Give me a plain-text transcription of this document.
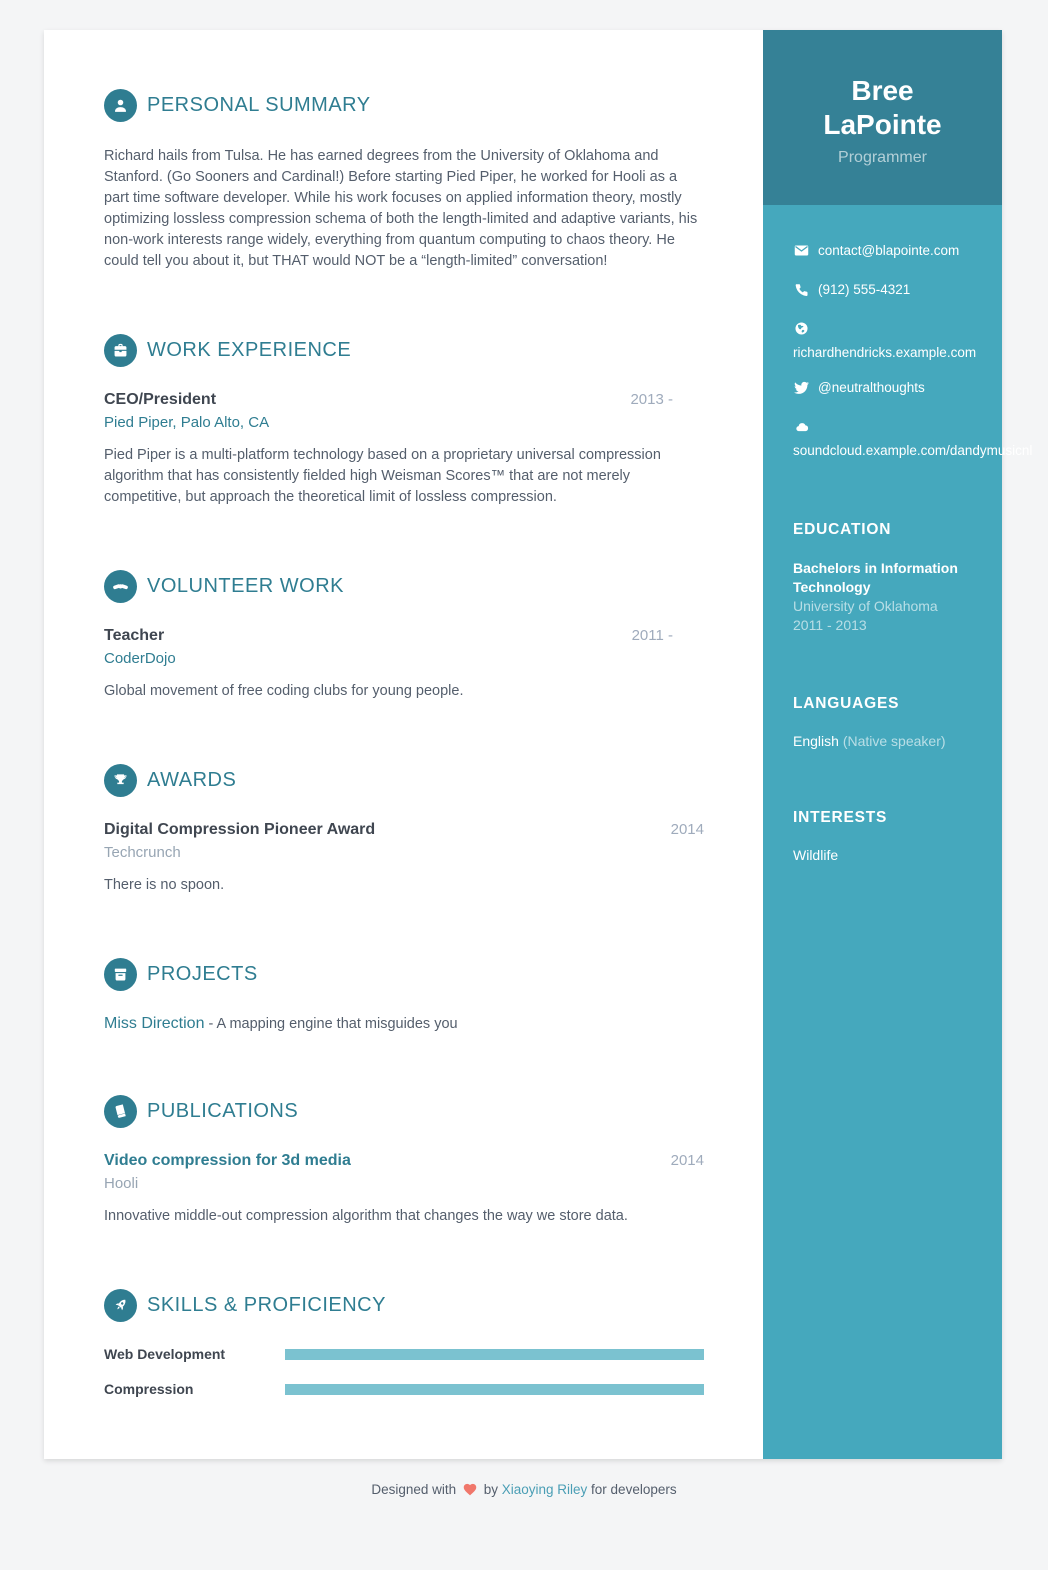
PERSONAL SUMMARY

Richard hails from Tulsa. He has earned degrees from the University of Oklahoma and Stanford. (Go Sooners and Cardinal!) Before starting Pied Piper, he worked for Hooli as a part time software developer. While his work focuses on applied information theory, mostly optimizing lossless compression schema of both the length-limited and adaptive variants, his non-work interests range widely, everything from quantum computing to chaos theory. He could tell you about it, but THAT would NOT be a “length-limited” conversation!

WORK EXPERIENCE
CEO/President	2013 -
Pied Piper, Palo Alto, CA

Pied Piper is a multi-platform technology based on a proprietary universal compression algorithm that has consistently fielded high Weisman Scores™ that are not merely competitive, but approach the theoretical limit of lossless compression.

VOLUNTEER WORK
Teacher	2011 -
CoderDojo

Global movement of free coding clubs for young people.

AWARDS
Digital Compression Pioneer Award	2014
Techcrunch

There is no spoon.

PROJECTS
Miss Direction - A mapping engine that misguides you
PUBLICATIONS
Video compression for 3d media	2014
Hooli

Innovative middle-out compression algorithm that changes the way we store data.

SKILLS & PROFICIENCY
Web Development
Compression
Bree
LaPointe
Programmer
contact@blapointe.com
(912) 555-4321
richardhendricks.example.com
@neutralthoughts
soundcloud.example.com/dandymusicnl
EDUCATION
Bachelors in Information Technology
University of Oklahoma
2011 - 2013
LANGUAGES
English (Native speaker)
INTERESTS
Wildlife
Designed with by Xiaoying Riley for developers
